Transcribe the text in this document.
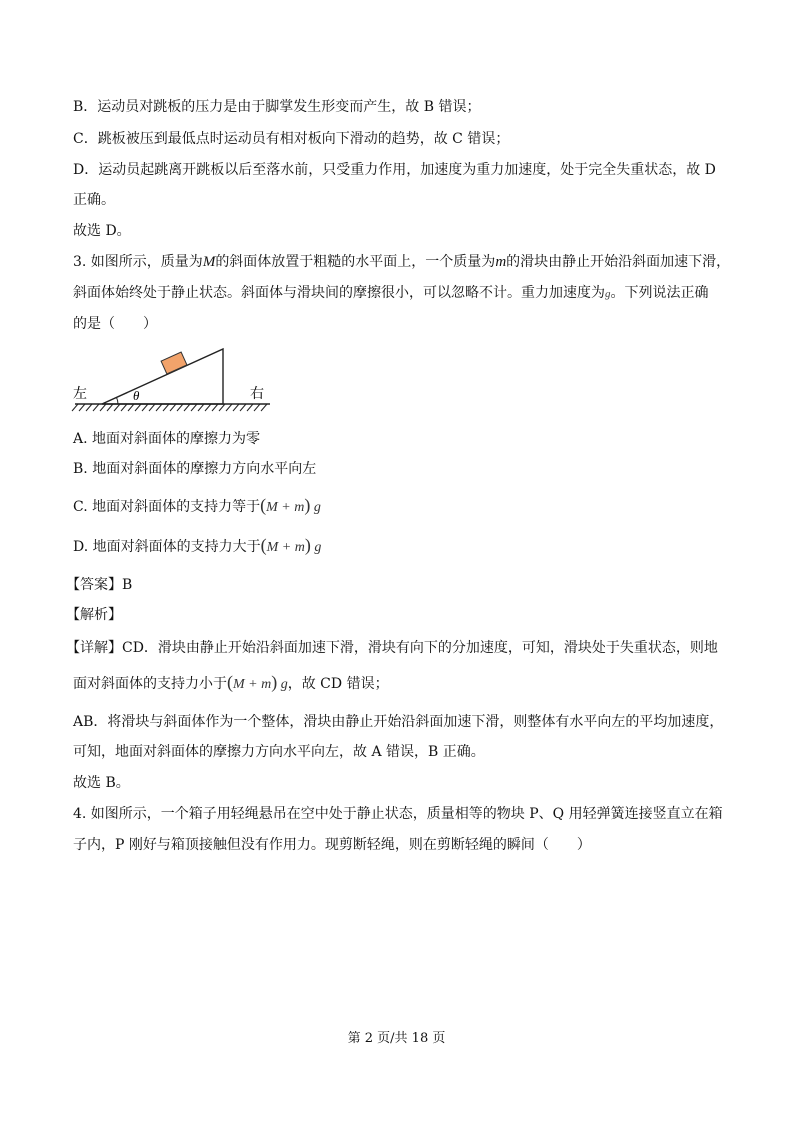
B．运动员对跳板的压力是由于脚掌发生形变而产生，故 B 错误；
C．跳板被压到最低点时运动员有相对板向下滑动的趋势，故 C 错误；
D．运动员起跳离开跳板以后至落水前，只受重力作用，加速度为重力加速度，处于完全失重状态，故 D
正确。
故选 D。
3. 如图所示，质量为M的斜面体放置于粗糙的水平面上，一个质量为m的滑块由静止开始沿斜面加速下滑，
斜面体始终处于静止状态。斜面体与滑块间的摩擦很小，可以忽略不计。重力加速度为g。下列说法正确
的是（　　）
θ
左	右
A. 地面对斜面体的摩擦力为零
B. 地面对斜面体的摩擦力方向水平向左
C. 地面对斜面体的支持力等于(M + m) g
D. 地面对斜面体的支持力大于(M + m) g
【答案】B
【解析】
【详解】CD．滑块由静止开始沿斜面加速下滑，滑块有向下的分加速度，可知，滑块处于失重状态，则地
面对斜面体的支持力小于(M + m) g，故 CD 错误；
AB．将滑块与斜面体作为一个整体，滑块由静止开始沿斜面加速下滑，则整体有水平向左的平均加速度，
可知，地面对斜面体的摩擦力方向水平向左，故 A 错误，B 正确。
故选 B。
4. 如图所示，一个箱子用轻绳悬吊在空中处于静止状态，质量相等的物块 P、Q 用轻弹簧连接竖直立在箱
子内，P 刚好与箱顶接触但没有作用力。现剪断轻绳，则在剪断轻绳的瞬间（　　）
第 2 页/共 18 页
